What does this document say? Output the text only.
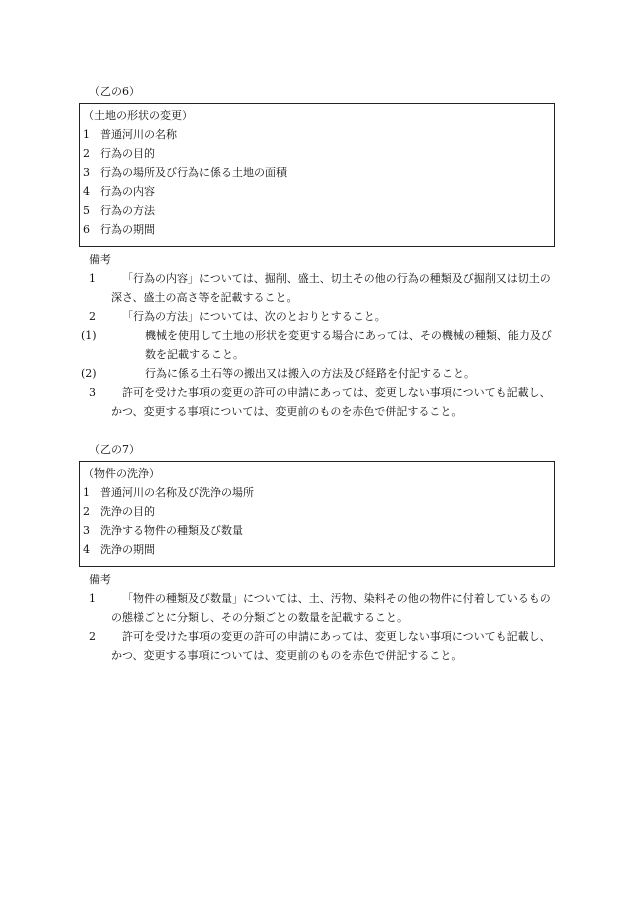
（乙の6）
（土地の形状の変更）
1 普通河川の名称
2 行為の目的
3 行為の場所及び行為に係る土地の面積
4 行為の内容
5 行為の方法
6 行為の期間
備考
1 「行為の内容」については、掘削、盛土、切土その他の行為の種類及び掘削又は切土の深さ、盛土の高さ等を記載すること。
2 「行為の方法」については、次のとおりとすること。
(1)	機械を使用して土地の形状を変更する場合にあっては、その機械の種類、能力及び数を記載すること。
(2)	行為に係る土石等の搬出又は搬入の方法及び経路を付記すること。
3 許可を受けた事項の変更の許可の申請にあっては、変更しない事項についても記載し、かつ、変更する事項については、変更前のものを赤色で併記すること。
（乙の7）
（物件の洗浄）
1 普通河川の名称及び洗浄の場所
2 洗浄の目的
3 洗浄する物件の種類及び数量
4 洗浄の期間
備考
1 「物件の種類及び数量」については、土、汚物、染料その他の物件に付着しているものの態様ごとに分類し、その分類ごとの数量を記載すること。
2 許可を受けた事項の変更の許可の申請にあっては、変更しない事項についても記載し、かつ、変更する事項については、変更前のものを赤色で併記すること。
